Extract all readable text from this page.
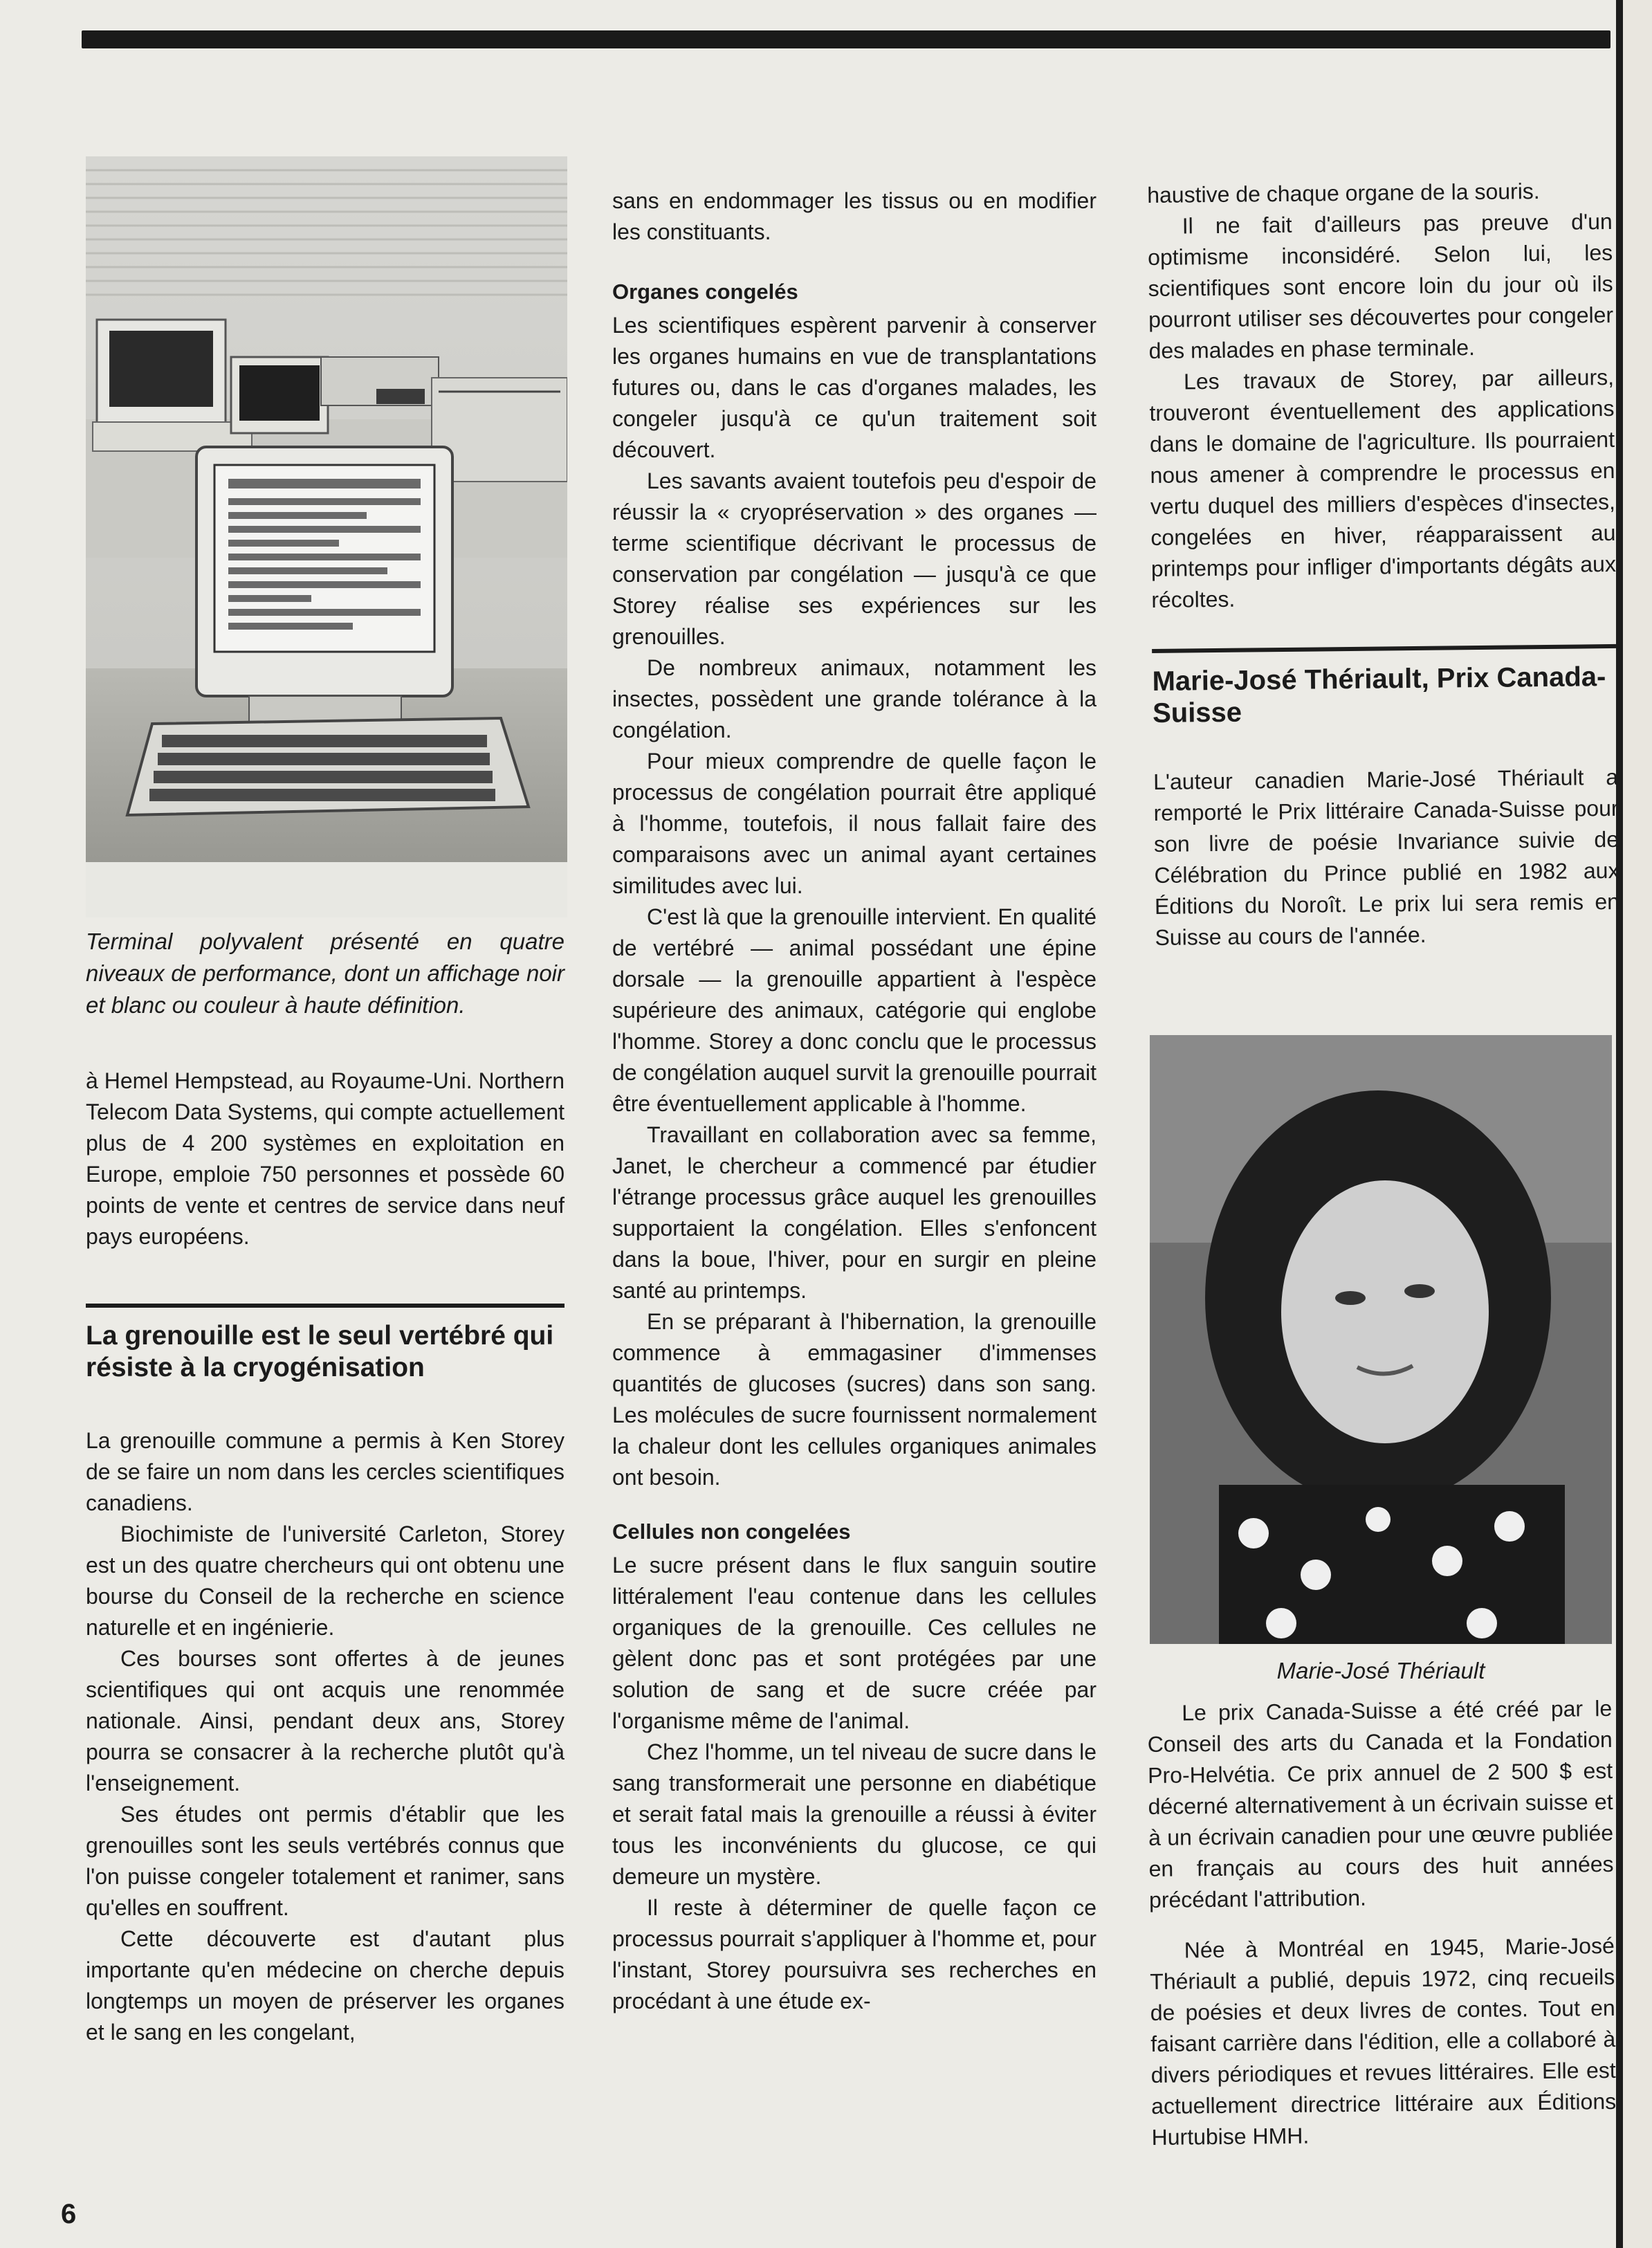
Terminal polyvalent présenté en quatre niveaux de performance, dont un affichage noir et blanc ou couleur à haute définition.

à Hemel Hempstead, au Royaume-Uni. Northern Telecom Data Systems, qui compte actuellement plus de 4 200 systèmes en exploitation en Europe, emploie 750 personnes et possède 60 points de vente et centres de service dans neuf pays européens.

La grenouille est le seul vertébré qui résiste à la cryogénisation

La grenouille commune a permis à Ken Storey de se faire un nom dans les cercles scientifiques canadiens.

Biochimiste de l'université Carleton, Storey est un des quatre chercheurs qui ont obtenu une bourse du Conseil de la recherche en science naturelle et en ingénierie.

Ces bourses sont offertes à de jeunes scientifiques qui ont acquis une renommée nationale. Ainsi, pendant deux ans, Storey pourra se consacrer à la recherche plutôt qu'à l'enseignement.

Ses études ont permis d'établir que les grenouilles sont les seuls vertébrés connus que l'on puisse congeler totalement et ranimer, sans qu'elles en souffrent.

Cette découverte est d'autant plus importante qu'en médecine on cherche depuis longtemps un moyen de préserver les organes et le sang en les congelant,

sans en endommager les tissus ou en modifier les constituants.

Organes congelés

Les scientifiques espèrent parvenir à conserver les organes humains en vue de transplantations futures ou, dans le cas d'organes malades, les congeler jusqu'à ce qu'un traitement soit découvert.

Les savants avaient toutefois peu d'espoir de réussir la « cryopréservation » des organes — terme scientifique décrivant le processus de conservation par congélation — jusqu'à ce que Storey réalise ses expériences sur les grenouilles.

De nombreux animaux, notamment les insectes, possèdent une grande tolérance à la congélation.

Pour mieux comprendre de quelle façon le processus de congélation pourrait être appliqué à l'homme, toutefois, il nous fallait faire des comparaisons avec un animal ayant certaines similitudes avec lui.

C'est là que la grenouille intervient. En qualité de vertébré — animal possédant une épine dorsale — la grenouille appartient à l'espèce supérieure des animaux, catégorie qui englobe l'homme. Storey a donc conclu que le processus de congélation auquel survit la grenouille pourrait être éventuellement applicable à l'homme.

Travaillant en collaboration avec sa femme, Janet, le chercheur a commencé par étudier l'étrange processus grâce auquel les grenouilles supportaient la congélation. Elles s'enfoncent dans la boue, l'hiver, pour en surgir en pleine santé au printemps.

En se préparant à l'hibernation, la grenouille commence à emmagasiner d'immenses quantités de glucoses (sucres) dans son sang. Les molécules de sucre fournissent normalement la chaleur dont les cellules organiques animales ont besoin.

Cellules non congelées

Le sucre présent dans le flux sanguin soutire littéralement l'eau contenue dans les cellules organiques de la grenouille. Ces cellules ne gèlent donc pas et sont protégées par une solution de sang et de sucre créée par l'organisme même de l'animal.

Chez l'homme, un tel niveau de sucre dans le sang transformerait une personne en diabétique et serait fatal mais la grenouille a réussi à éviter tous les inconvénients du glucose, ce qui demeure un mystère.

Il reste à déterminer de quelle façon ce processus pourrait s'appliquer à l'homme et, pour l'instant, Storey poursuivra ses recherches en procédant à une étude ex-

haustive de chaque organe de la souris.

Il ne fait d'ailleurs pas preuve d'un optimisme inconsidéré. Selon lui, les scientifiques sont encore loin du jour où ils pourront utiliser ses découvertes pour congeler des malades en phase terminale.

Les travaux de Storey, par ailleurs, trouveront éventuellement des applications dans le domaine de l'agriculture. Ils pourraient nous amener à comprendre le processus en vertu duquel des milliers d'espèces d'insectes, congelées en hiver, réapparaissent au printemps pour infliger d'importants dégâts aux récoltes.

Marie-José Thériault, Prix Canada-Suisse

L'auteur canadien Marie-José Thériault a remporté le Prix littéraire Canada-Suisse pour son livre de poésie Invariance suivie de Célébration du Prince publié en 1982 aux Éditions du Noroît. Le prix lui sera remis en Suisse au cours de l'année.

Marie-José Thériault

Le prix Canada-Suisse a été créé par le Conseil des arts du Canada et la Fondation Pro-Helvétia. Ce prix annuel de 2 500 $ est décerné alternativement à un écrivain suisse et à un écrivain canadien pour une œuvre publiée en français au cours des huit années précédant l'attribution.

Née à Montréal en 1945, Marie-José Thériault a publié, depuis 1972, cinq recueils de poésies et deux livres de contes. Tout en faisant carrière dans l'édition, elle a collaboré à divers périodiques et revues littéraires. Elle est actuellement directrice littéraire aux Éditions Hurtubise HMH.

6
